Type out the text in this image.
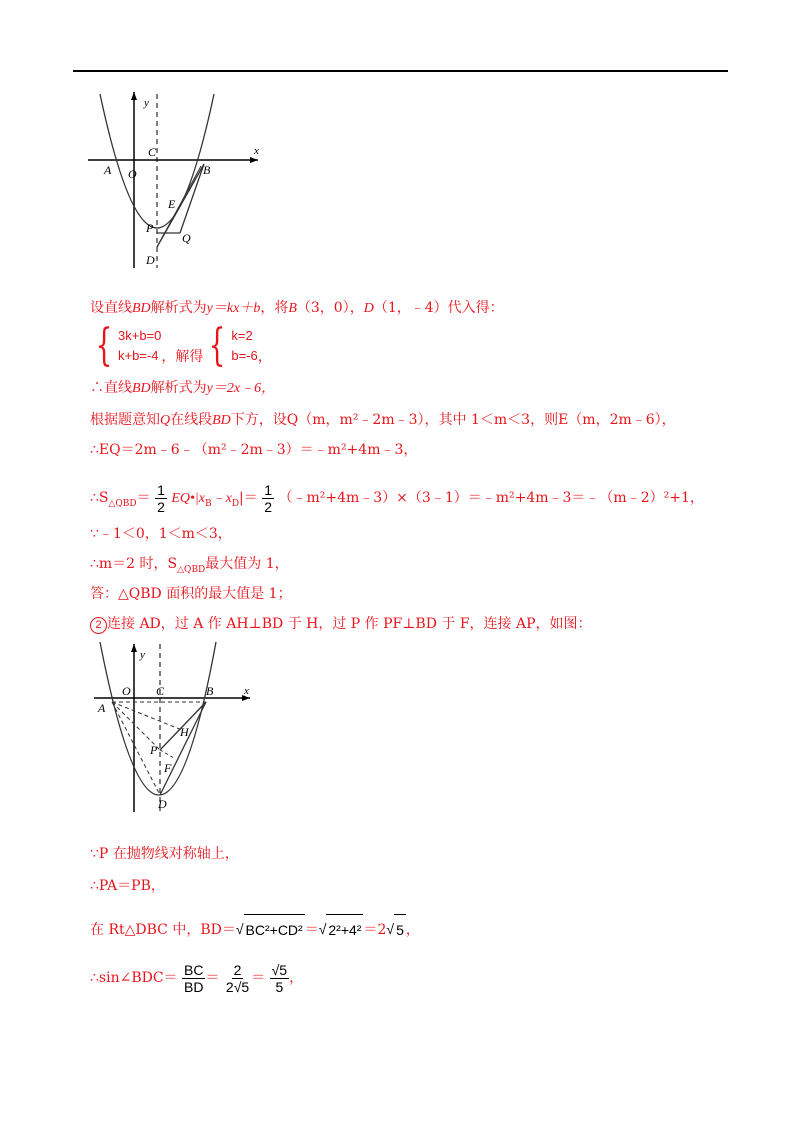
y
x
C
A O	B
E
P
Q
D
设直线BD解析式为y＝kx＋b，将B（3，0），D（1，﹣4）代入得：
{ 3k+b=0
k+b=-4 ，解得 { k=2
b=-6 ，
∴直线BD解析式为y＝2x﹣6，
根据题意知Q在线段BD下方，设Q（m，m²﹣2m﹣3），其中 1＜m＜3，则E（m，2m﹣6），
∴EQ＝2m﹣6﹣（m²﹣2m﹣3）＝﹣m²+4m﹣3，
$\therefore S_{\triangle QBD}= \frac{1}{2}$ $EQ•|x_B﹣x_D|= \frac{1}{2}$ （﹣m²+4m﹣3）×（3﹣1）＝﹣m²+4m﹣3＝﹣（m﹣2）²+1，
∵﹣1＜0，1＜m＜3，
∴m＝2 时，$S_{\triangle QBD}$最大值为 1，
答：△QBD 面积的最大值是 1；
2 连接 AD，过 A 作 AH⊥BD 于 H，过 P 作 PF⊥BD 于 F，连接 AP，如图：
y
x
O C	B
A
H
P
F
D
∵P 在抛物线对称轴上，
∴PA＝PB，
在 Rt△DBC 中，BD＝√ BC²+CD² ＝√ 2²+4² ＝2√ 5 ，
∴sin∠BDC＝ $\frac{BC}{BD} = \frac{2}{2√5} = \frac{√5}{5}$ ，
